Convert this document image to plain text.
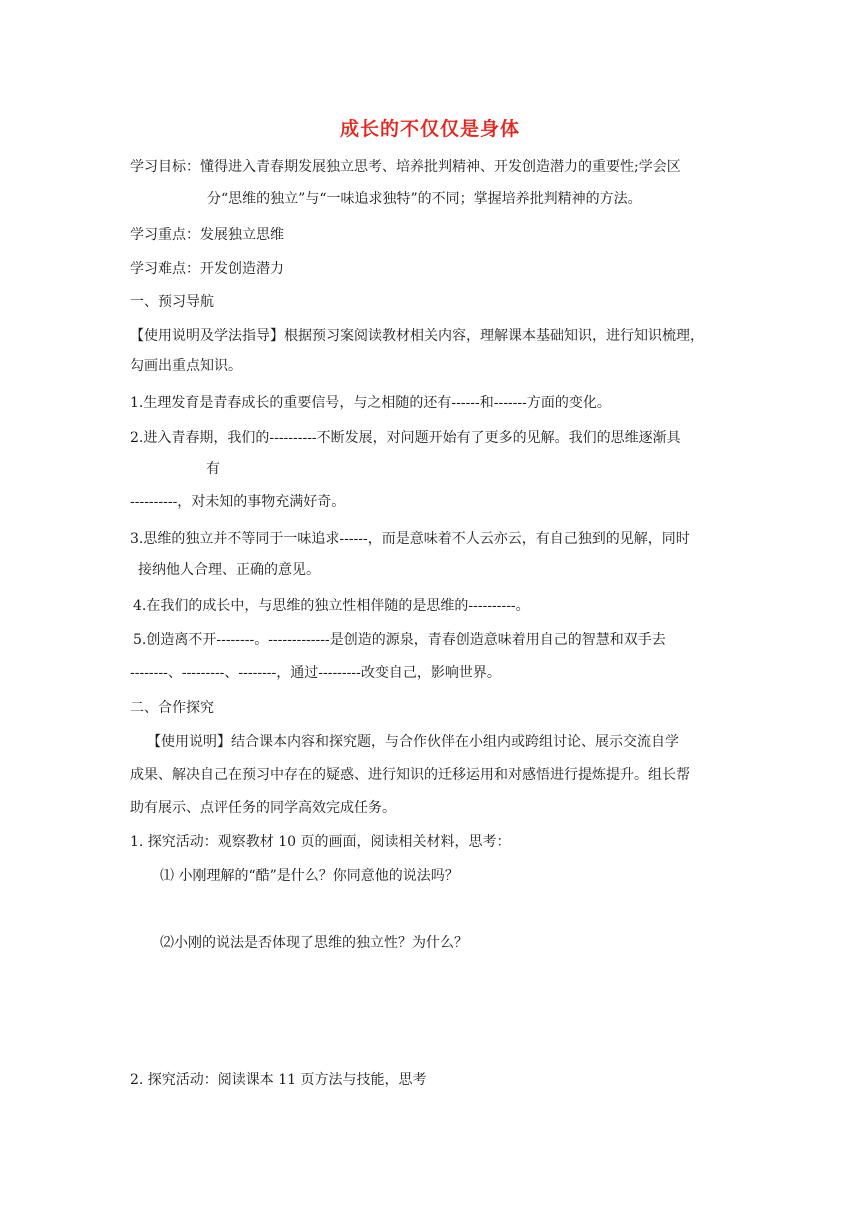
成长的不仅仅是身体
学习目标：懂得进入青春期发展独立思考、培养批判精神、开发创造潜力的重要性;学会区
分“思维的独立”与“一味追求独特”的不同；掌握培养批判精神的方法。
学习重点：发展独立思维
学习难点：开发创造潜力
一、预习导航
【使用说明及学法指导】根据预习案阅读教材相关内容，理解课本基础知识，进行知识梳理，
勾画出重点知识。
1.生理发育是青春成长的重要信号，与之相随的还有------和-------方面的变化。
2.进入青春期，我们的----------不断发展，对问题开始有了更多的见解。我们的思维逐渐具
有
----------，对未知的事物充满好奇。
3.思维的独立并不等同于一味追求------，而是意味着不人云亦云，有自己独到的见解，同时
接纳他人合理、正确的意见。
4.在我们的成长中，与思维的独立性相伴随的是思维的----------。
5.创造离不开--------。-------------是创造的源泉，青春创造意味着用自己的智慧和双手去
--------、---------、--------，通过---------改变自己，影响世界。
二、合作探究
【使用说明】结合课本内容和探究题，与合作伙伴在小组内或跨组讨论、展示交流自学
成果、解决自己在预习中存在的疑惑、进行知识的迁移运用和对感悟进行提炼提升。组长帮
助有展示、点评任务的同学高效完成任务。
1. 探究活动：观察教材 10 页的画面，阅读相关材料，思考：
⑴ 小刚理解的“酷”是什么？你同意他的说法吗？
⑵小刚的说法是否体现了思维的独立性？为什么？
2. 探究活动：阅读课本 11 页方法与技能，思考
